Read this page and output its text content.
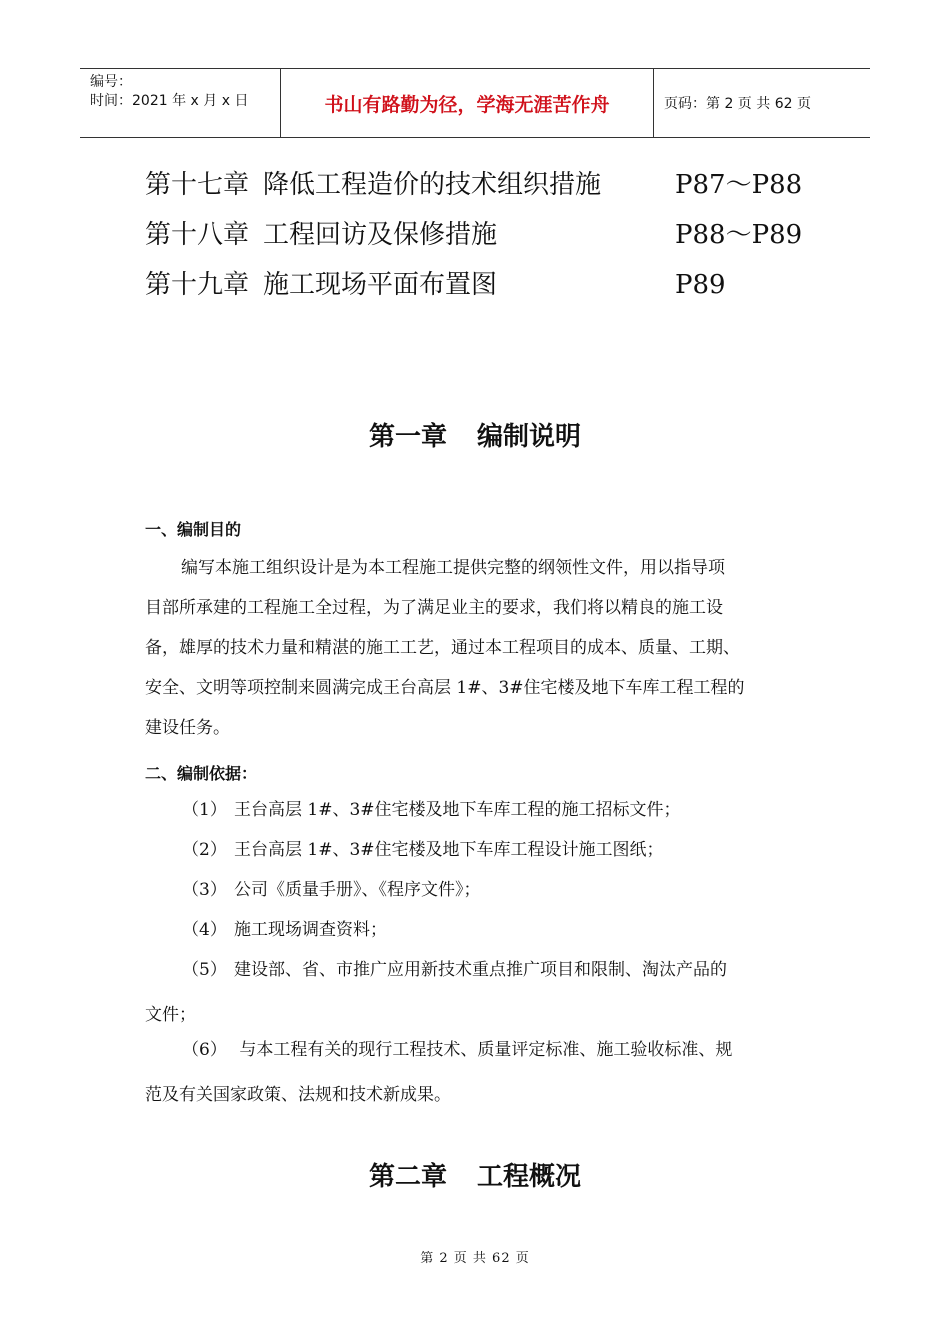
编号：
时间：2021 年 x 月 x 日	书山有路勤为径，学海无涯苦作舟	页码：第 2 页 共 62 页
第十七章 降低工程造价的技术组织措施	P87～P88
第十八章 工程回访及保修措施	P88～P89
第十九章 施工现场平面布置图	P89
第一章 编制说明
一、编制目的
编写本施工组织设计是为本工程施工提供完整的纲领性文件，用以指导项
目部所承建的工程施工全过程，为了满足业主的要求，我们将以精良的施工设
备，雄厚的技术力量和精湛的施工工艺，通过本工程项目的成本、质量、工期、
安全、文明等项控制来圆满完成王台高层 1#、3#住宅楼及地下车库工程工程的
建设任务。
二、编制依据：
（1） 王台高层 1#、3#住宅楼及地下车库工程的施工招标文件；
（2） 王台高层 1#、3#住宅楼及地下车库工程设计施工图纸；
（3） 公司《质量手册》、《程序文件》；
（4） 施工现场调查资料；
（5） 建设部、省、市推广应用新技术重点推广项目和限制、淘汰产品的
文件；
（6） 与本工程有关的现行工程技术、质量评定标准、施工验收标准、规
范及有关国家政策、法规和技术新成果。
第二章 工程概况
第 2 页 共 62 页
